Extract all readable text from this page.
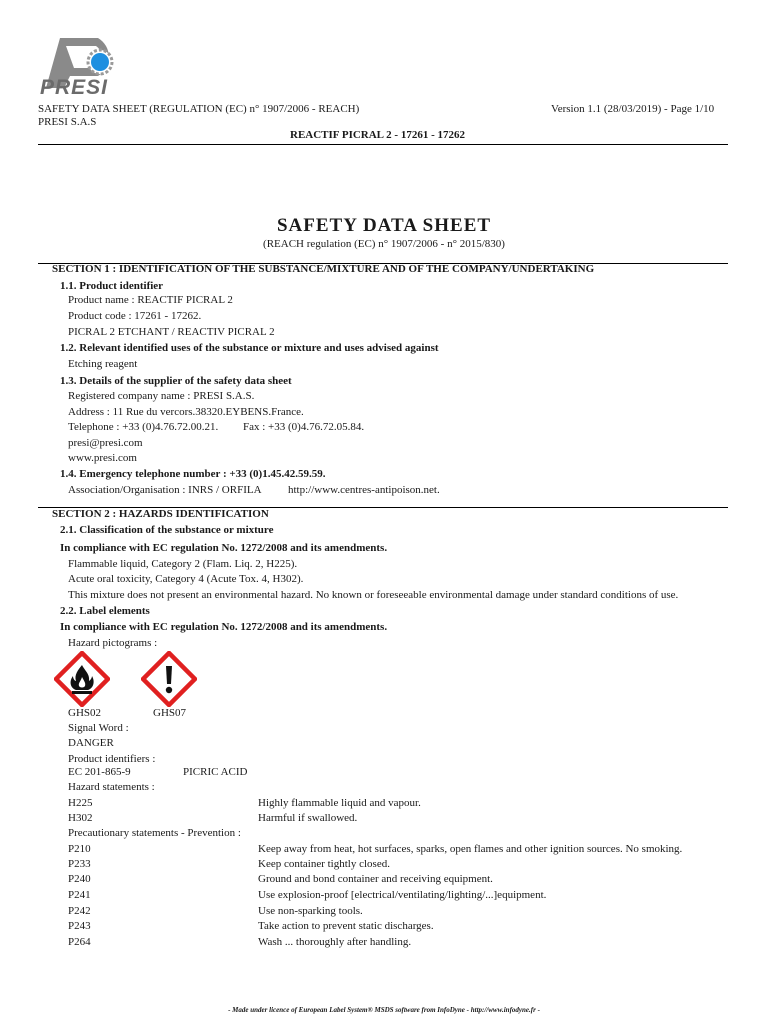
PRESI
SAFETY DATA SHEET (REGULATION (EC) n° 1907/2006 - REACH)	Version 1.1 (28/03/2019) - Page 1/10
PRESI S.A.S
REACTIF PICRAL 2 - 17261 - 17262
SAFETY DATA SHEET
(REACH regulation (EC) n° 1907/2006 - n° 2015/830)
SECTION 1 : IDENTIFICATION OF THE SUBSTANCE/MIXTURE AND OF THE COMPANY/UNDERTAKING
1.1. Product identifier
Product name : REACTIF PICRAL 2
Product code : 17261 - 17262.
PICRAL 2 ETCHANT / REACTIV PICRAL 2
1.2. Relevant identified uses of the substance or mixture and uses advised against
Etching reagent
1.3. Details of the supplier of the safety data sheet
Registered company name : PRESI S.A.S.
Address : 11 Rue du vercors.38320.EYBENS.France.
Telephone : +33 (0)4.76.72.00.21. Fax : +33 (0)4.76.72.05.84.
presi@presi.com
www.presi.com
1.4. Emergency telephone number : +33 (0)1.45.42.59.59.
Association/Organisation : INRS / ORFILA http://www.centres-antipoison.net.
SECTION 2 : HAZARDS IDENTIFICATION
2.1. Classification of the substance or mixture
In compliance with EC regulation No. 1272/2008 and its amendments.
Flammable liquid, Category 2 (Flam. Liq. 2, H225).
Acute oral toxicity, Category 4 (Acute Tox. 4, H302).
This mixture does not present an environmental hazard. No known or foreseeable environmental damage under standard conditions of use.
2.2. Label elements
In compliance with EC regulation No. 1272/2008 and its amendments.
Hazard pictograms :
GHS02	GHS07
Signal Word :
DANGER
Product identifiers :
EC 201-865-9	PICRIC ACID
Hazard statements :
H225	Highly flammable liquid and vapour.
H302	Harmful if swallowed.
Precautionary statements - Prevention :
P210	Keep away from heat, hot surfaces, sparks, open flames and other ignition sources. No smoking.
P233	Keep container tightly closed.
P240	Ground and bond container and receiving equipment.
P241	Use explosion-proof [electrical/ventilating/lighting/...]equipment.
P242	Use non-sparking tools.
P243	Take action to prevent static discharges.
P264	Wash ... thoroughly after handling.
- Made under licence of European Label System® MSDS software from InfoDyne - http://www.infodyne.fr -
